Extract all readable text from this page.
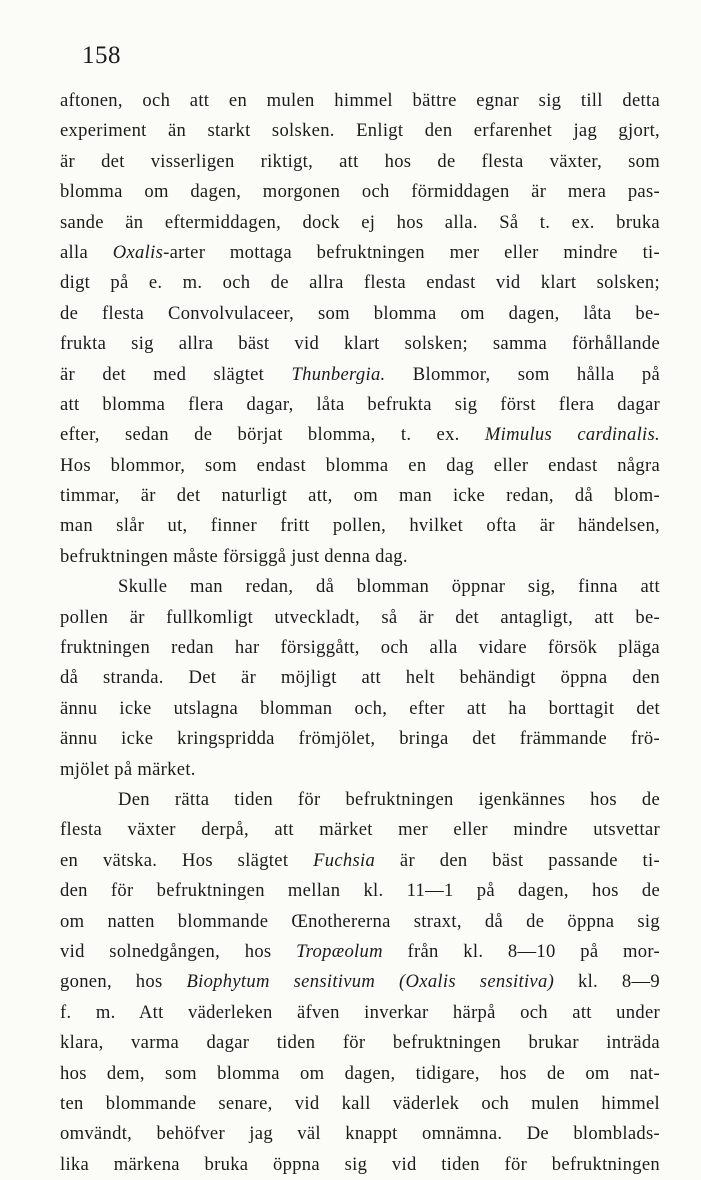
158
aftonen, och att en mulen himmel bättre egnar sig till detta
experiment än starkt solsken. Enligt den erfarenhet jag gjort,
är det visserligen riktigt, att hos de flesta växter, som
blomma om dagen, morgonen och förmiddagen är mera pas-
sande än eftermiddagen, dock ej hos alla. Så t. ex. bruka
alla Oxalis-arter mottaga befruktningen mer eller mindre ti-
digt på e. m. och de allra flesta endast vid klart solsken;
de flesta Convolvulaceer, som blomma om dagen, låta be-
frukta sig allra bäst vid klart solsken; samma förhållande
är det med slägtet Thunbergia. Blommor, som hålla på
att blomma flera dagar, låta befrukta sig först flera dagar
efter, sedan de börjat blomma, t. ex. Mimulus cardinalis.
Hos blommor, som endast blomma en dag eller endast några
timmar, är det naturligt att, om man icke redan, då blom-
man slår ut, finner fritt pollen, hvilket ofta är händelsen,
befruktningen måste försiggå just denna dag.
Skulle man redan, då blomman öppnar sig, finna att
pollen är fullkomligt utveckladt, så är det antagligt, att be-
fruktningen redan har försiggått, och alla vidare försök pläga
då stranda. Det är möjligt att helt behändigt öppna den
ännu icke utslagna blomman och, efter att ha borttagit det
ännu icke kringspridda frömjölet, bringa det främmande frö-
mjölet på märket.
Den rätta tiden för befruktningen igenkännes hos de
flesta växter derpå, att märket mer eller mindre utsvettar
en vätska. Hos slägtet Fuchsia är den bäst passande ti-
den för befruktningen mellan kl. 11—1 på dagen, hos de
om natten blommande Œnothererna straxt, då de öppna sig
vid solnedgången, hos Tropæolum från kl. 8—10 på mor-
gonen, hos Biophytum sensitivum (Oxalis sensitiva) kl. 8—9
f. m. Att väderleken äfven inverkar härpå och att under
klara, varma dagar tiden för befruktningen brukar inträda
hos dem, som blomma om dagen, tidigare, hos de om nat-
ten blommande senare, vid kall väderlek och mulen himmel
omvändt, behöfver jag väl knappt omnämna. De blomblads-
lika märkena bruka öppna sig vid tiden för befruktningen
